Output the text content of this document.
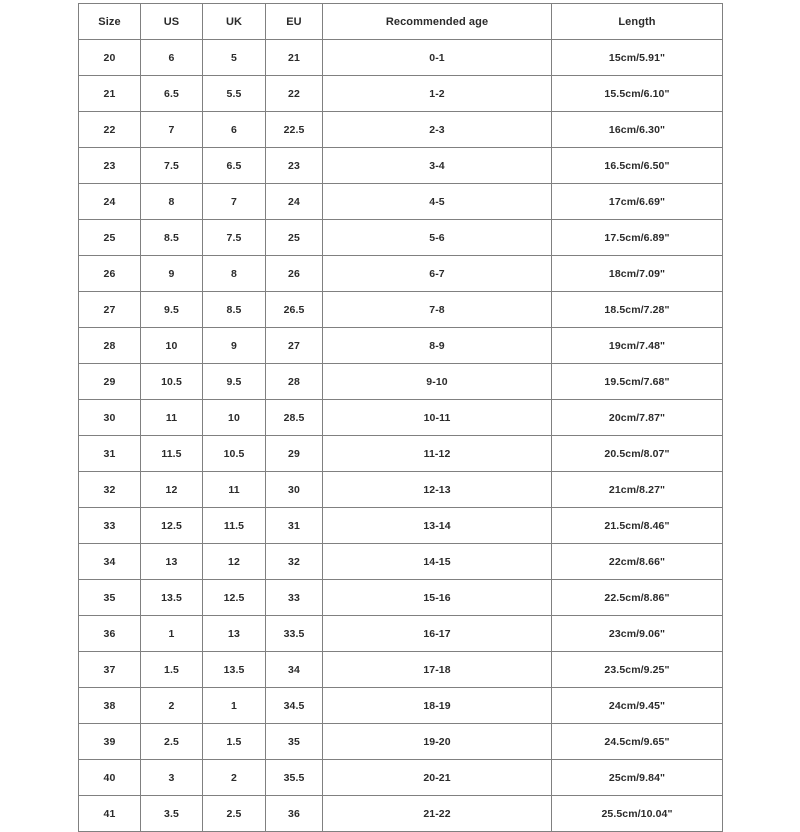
Size	US	UK	EU	Recommended age	Length
20	6	5	21	0-1	15cm/5.91"
21	6.5	5.5	22	1-2	15.5cm/6.10"
22	7	6	22.5	2-3	16cm/6.30"
23	7.5	6.5	23	3-4	16.5cm/6.50"
24	8	7	24	4-5	17cm/6.69"
25	8.5	7.5	25	5-6	17.5cm/6.89"
26	9	8	26	6-7	18cm/7.09"
27	9.5	8.5	26.5	7-8	18.5cm/7.28"
28	10	9	27	8-9	19cm/7.48"
29	10.5	9.5	28	9-10	19.5cm/7.68"
30	11	10	28.5	10-11	20cm/7.87"
31	11.5	10.5	29	11-12	20.5cm/8.07"
32	12	11	30	12-13	21cm/8.27"
33	12.5	11.5	31	13-14	21.5cm/8.46"
34	13	12	32	14-15	22cm/8.66"
35	13.5	12.5	33	15-16	22.5cm/8.86"
36	1	13	33.5	16-17	23cm/9.06"
37	1.5	13.5	34	17-18	23.5cm/9.25"
38	2	1	34.5	18-19	24cm/9.45"
39	2.5	1.5	35	19-20	24.5cm/9.65"
40	3	2	35.5	20-21	25cm/9.84"
41	3.5	2.5	36	21-22	25.5cm/10.04"
